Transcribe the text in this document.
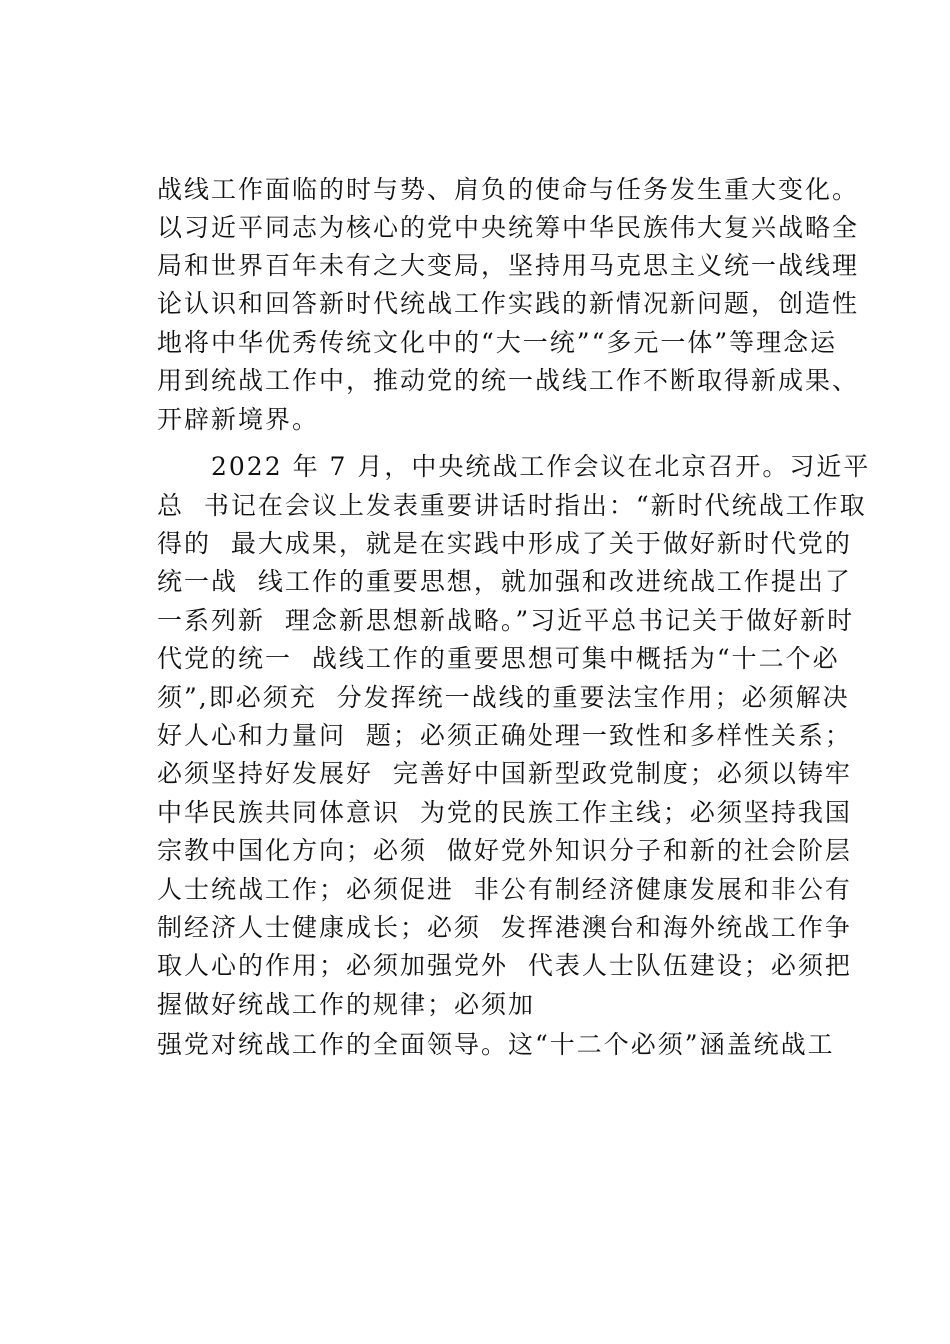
战线工作面临的时与势、肩负的使命与任务发生重大变化。

以习近平同志为核心的党中央统筹中华民族伟大复兴战略全

局和世界百年未有之大变局，坚持用马克思主义统一战线理

论认识和回答新时代统战工作实践的新情况新问题，创造性

地将中华优秀传统文化中的“大一统”“多元一体”等理念运

用到统战工作中，推动党的统一战线工作不断取得新成果、

开辟新境界。

　　2022 年 7 月，中央统战工作会议在北京召开。习近平

总  书记在会议上发表重要讲话时指出：“新时代统战工作取

得的  最大成果，就是在实践中形成了关于做好新时代党的

统一战  线工作的重要思想，就加强和改进统战工作提出了

一系列新  理念新思想新战略。”习近平总书记关于做好新时

代党的统一  战线工作的重要思想可集中概括为“十二个必

须”,即必须充  分发挥统一战线的重要法宝作用；必须解决

好人心和力量问  题；必须正确处理一致性和多样性关系；

必须坚持好发展好  完善好中国新型政党制度；必须以铸牢

中华民族共同体意识  为党的民族工作主线；必须坚持我国

宗教中国化方向；必须  做好党外知识分子和新的社会阶层

人士统战工作；必须促进  非公有制经济健康发展和非公有

制经济人士健康成长；必须  发挥港澳台和海外统战工作争

取人心的作用；必须加强党外  代表人士队伍建设；必须把

握做好统战工作的规律；必须加

强党对统战工作的全面领导。这“十二个必须”涵盖统战工
